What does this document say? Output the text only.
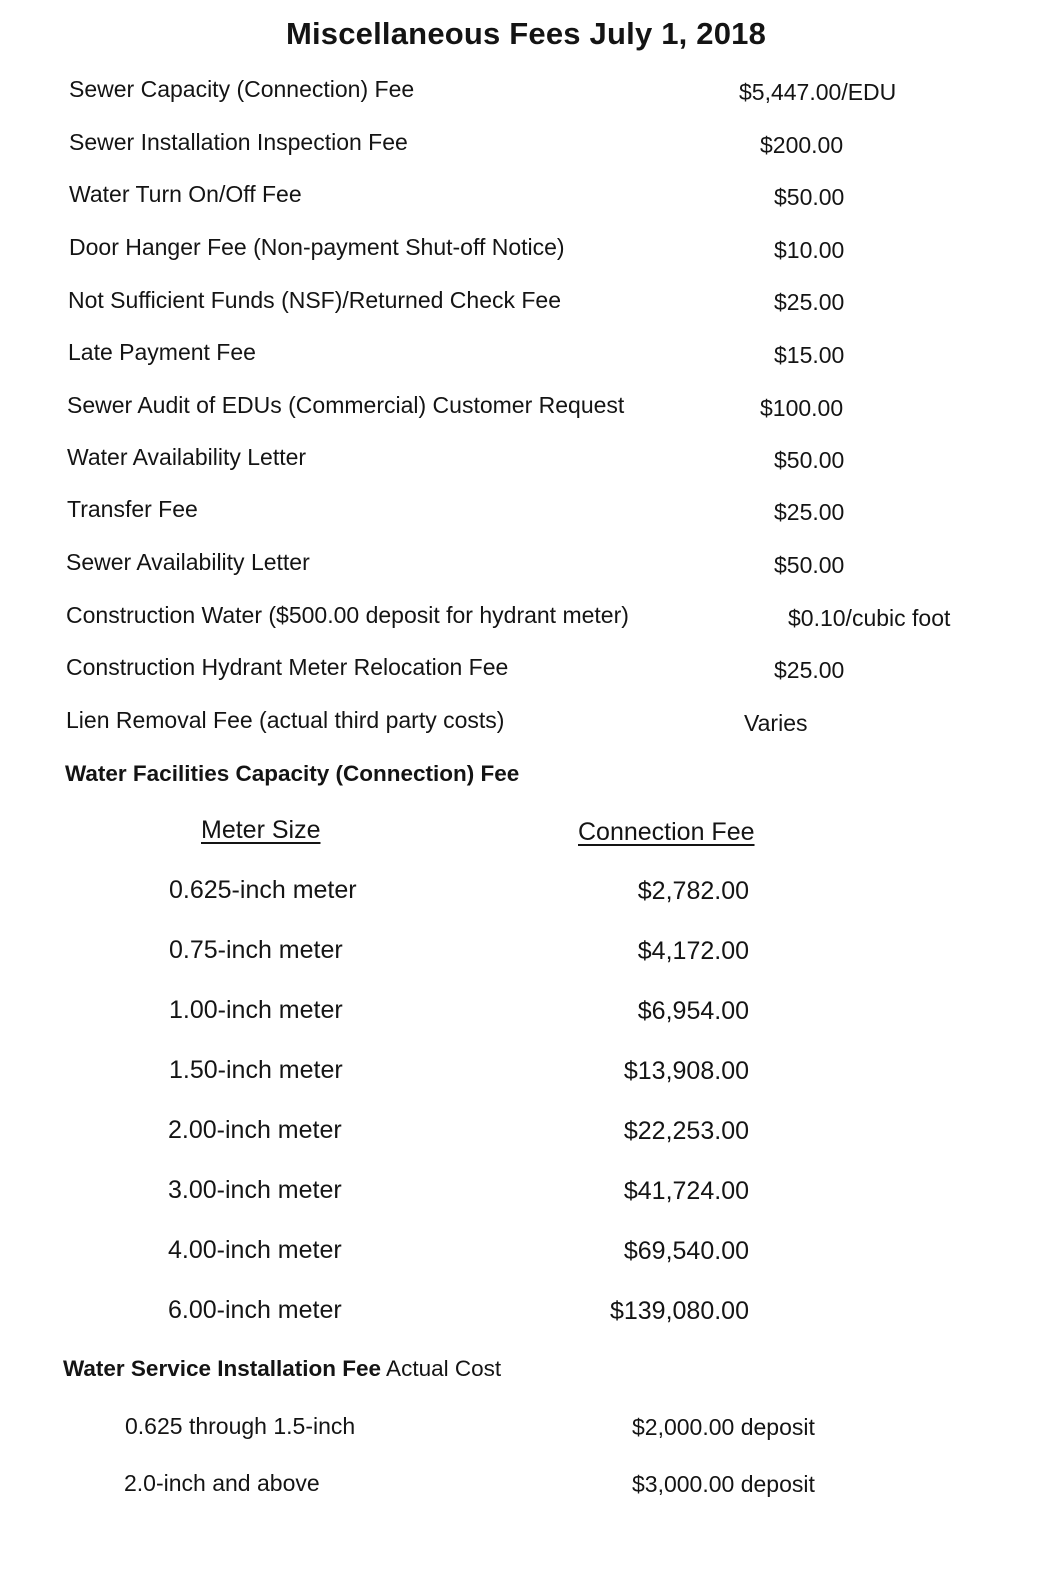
Miscellaneous Fees July 1, 2018
Sewer Capacity (Connection) Fee	$5,447.00/EDU
Sewer Installation Inspection Fee	$200.00
Water Turn On/Off Fee	$50.00
Door Hanger Fee (Non-payment Shut-off Notice)	$10.00
Not Sufficient Funds (NSF)/Returned Check Fee	$25.00
Late Payment Fee	$15.00
Sewer Audit of EDUs (Commercial) Customer Request	$100.00
Water Availability Letter	$50.00
Transfer Fee	$25.00
Sewer Availability Letter	$50.00
Construction Water ($500.00 deposit for hydrant meter)	$0.10/cubic foot
Construction Hydrant Meter Relocation Fee	$25.00
Lien Removal Fee (actual third party costs)	Varies
Water Facilities Capacity (Connection) Fee
Meter Size	Connection Fee
0.625-inch meter	$2,782.00
0.75-inch meter	$4,172.00
1.00-inch meter	$6,954.00
1.50-inch meter	$13,908.00
2.00-inch meter	$22,253.00
3.00-inch meter	$41,724.00
4.00-inch meter	$69,540.00
6.00-inch meter	$139,080.00
Water Service Installation Fee Actual Cost
0.625 through 1.5-inch	$2,000.00 deposit
2.0-inch and above	$3,000.00 deposit
